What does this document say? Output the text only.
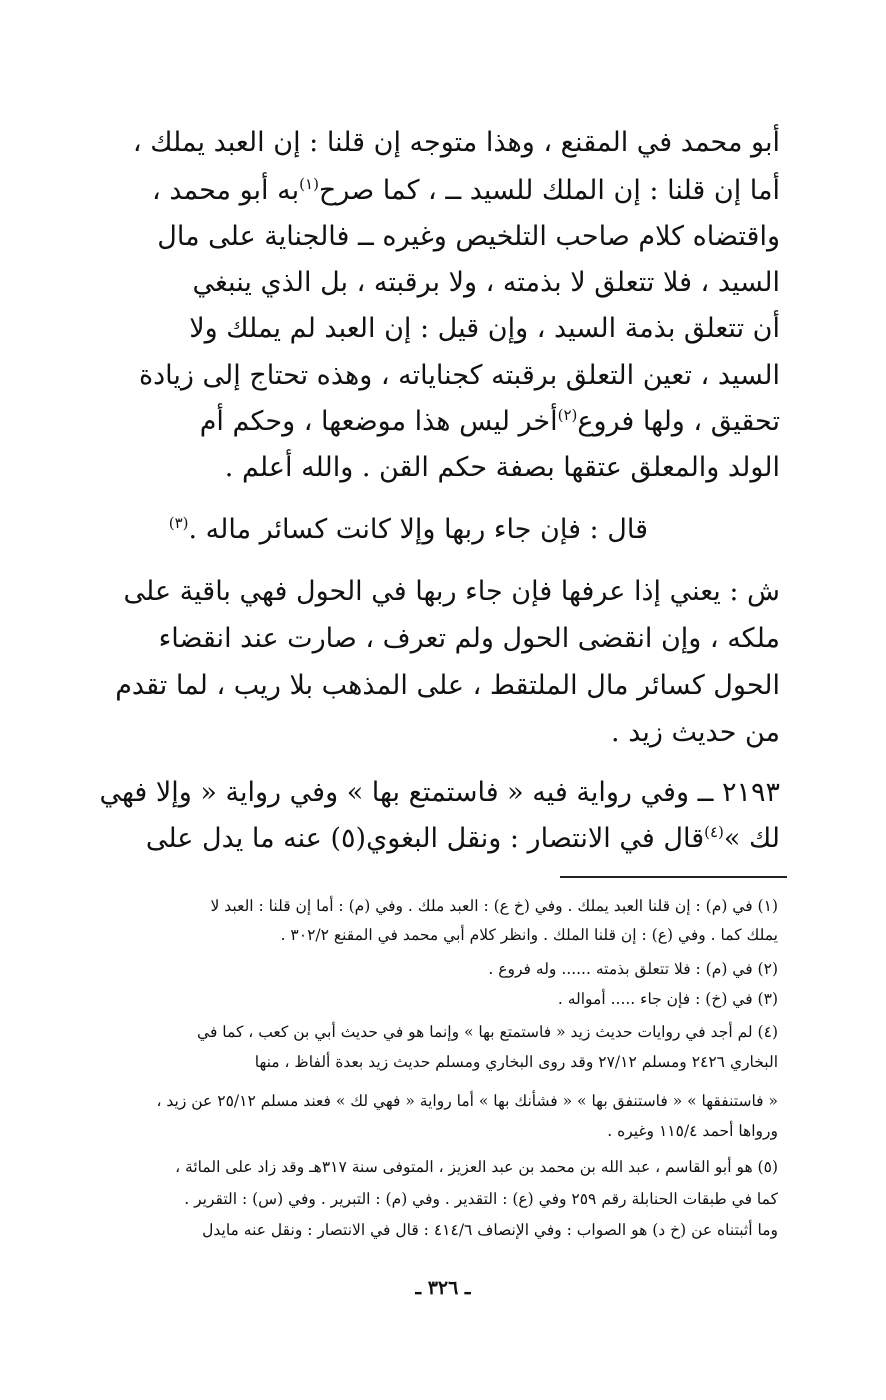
أبو محمد في المقنع ، وهذا متوجه إن قلنا : إن العبد يملك ،
أما إن قلنا : إن الملك للسيد ــ ، كما صرح$^{(١)}$به أبو محمد ،
واقتضاه كلام صاحب التلخيص وغيره ــ فالجناية على مال
السيد ، فلا تتعلق لا بذمته ، ولا برقبته ، بل الذي ينبغي
أن تتعلق بذمة السيد ، وإن قيل : إن العبد لم يملك ولا
السيد ، تعين التعلق برقبته كجناياته ، وهذه تحتاج إلى زيادة
تحقيق ، ولها فروع$^{(٢)}$أخر ليس هذا موضعها ، وحكم أم
الولد والمعلق عتقها بصفة حكم القن . والله أعلم .
قال : فإن جاء ربها وإلا كانت كسائر ماله .$^{(٣)}$
ش : يعني إذا عرفها فإن جاء ربها في الحول فهي باقية على
ملكه ، وإن انقضى الحول ولم تعرف ، صارت عند انقضاء
الحول كسائر مال الملتقط ، على المذهب بلا ريب ، لما تقدم
من حديث زيد .
٢١٩٣ ــ وفي رواية فيه « فاستمتع بها » وفي رواية « وإلا فهي
لك »$^{(٤)}$قال في الانتصار : ونقل البغوي(٥) عنه ما يدل على
(١) في (م) : إن قلنا العبد يملك . وفي (خ ع) : العبد ملك . وفي (م) : أما إن قلنا : العبد لا
يملك كما . وفي (ع) : إن قلنا الملك . وانظر كلام أبي محمد في المقنع ٣٠٢/٢ .
(٢) في (م) : فلا تتعلق بذمته ...... وله فروع .
(٣) في (خ) : فإن جاء ..... أمواله .
(٤) لم أجد في روايات حديث زيد « فاستمتع بها » وإنما هو في حديث أبي بن كعب ، كما في
البخاري ٢٤٢٦ ومسلم ٢٧/١٢ وقد روى البخاري ومسلم حديث زيد بعدة ألفاظ ، منها
« فاستنفقها » « فاستنفق بها » « فشأنك بها » أما رواية « فهي لك » فعند مسلم ٢٥/١٢ عن زيد ،
ورواها أحمد ١١٥/٤ وغيره .
(٥) هو أبو القاسم ، عبد الله بن محمد بن عبد العزيز ، المتوفى سنة ٣١٧هـ وقد زاد على المائة ،
كما في طبقات الحنابلة رقم ٢٥٩ وفي (ع) : التقدير . وفي (م) : التبرير . وفي (س) : التقرير .
وما أثبتناه عن (خ د) هو الصواب : وفي الإنصاف ٤١٤/٦ : قال في الانتصار : ونقل عنه مايدل
ـ ٣٢٦ ـ
